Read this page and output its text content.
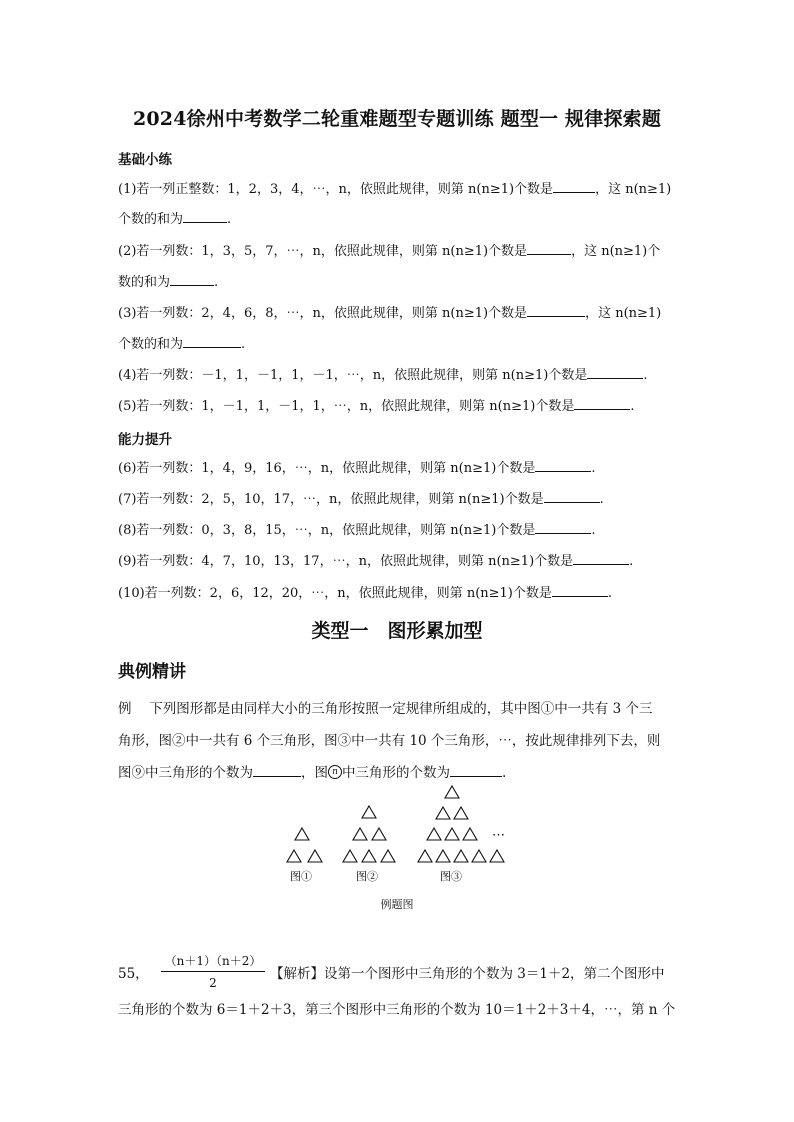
2024徐州中考数学二轮重难题型专题训练 题型一 规律探索题
基础小练
(1)若一列正整数：1，2，3，4，⋯，n，依照此规律，则第 n(n≥1)个数是	，这 n(n≥1)
个数的和为	.
(2)若一列数：1，3，5，7，⋯，n，依照此规律，则第 n(n≥1)个数是	，这 n(n≥1)个
数的和为	.
(3)若一列数：2，4，6，8，⋯，n，依照此规律，则第 n(n≥1)个数是	，这 n(n≥1)
个数的和为	.
(4)若一列数：－1，1，－1，1，－1，⋯，n，依照此规律，则第 n(n≥1)个数是	.
(5)若一列数：1，－1，1，－1，1，⋯，n，依照此规律，则第 n(n≥1)个数是	.
能力提升
(6)若一列数：1，4，9，16，⋯，n，依照此规律，则第 n(n≥1)个数是	.
(7)若一列数：2，5，10，17，⋯，n，依照此规律，则第 n(n≥1)个数是	.
(8)若一列数：0，3，8，15，⋯，n，依照此规律，则第 n(n≥1)个数是	.
(9)若一列数：4，7，10，13，17，⋯，n，依照此规律，则第 n(n≥1)个数是	.
(10)若一列数：2，6，12，20，⋯，n，依照此规律，则第 n(n≥1)个数是	.
类型一　图形累加型
典例精讲
例　 下列图形都是由同样大小的三角形按照一定规律所组成的，其中图①中一共有 3 个三
角形，图②中一共有 6 个三角形，图③中一共有 10 个三角形，⋯，按此规律排列下去，则
图⑨中三角形的个数为	，图 n 中三角形的个数为	.
⋯
图①	图②	图③
例题图
55， $\frac{(n+1)(n+2)}{2}$
【解析】设第一个图形中三角形的个数为 3＝1＋2，第二个图形中
三角形的个数为 6＝1＋2＋3，第三个图形中三角形的个数为 10＝1＋2＋3＋4，⋯，第 n 个
